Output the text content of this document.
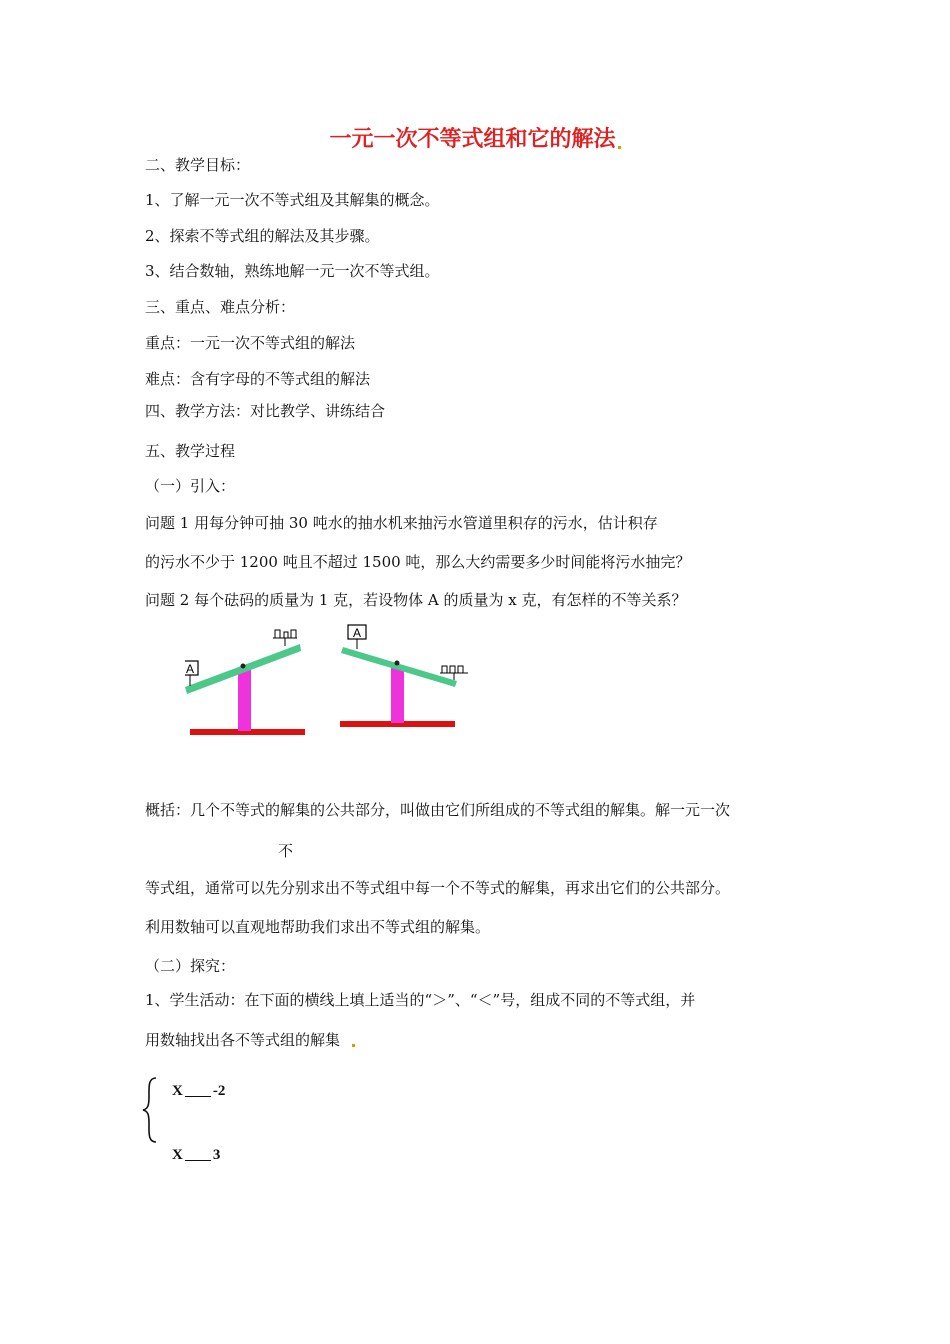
一元一次不等式组和它的解法
二、教学目标：
1、了解一元一次不等式组及其解集的概念。
2、探索不等式组的解法及其步骤。
3、结合数轴，熟练地解一元一次不等式组。
三、重点、难点分析：
重点：一元一次不等式组的解法
难点：含有字母的不等式组的解法
四、教学方法：对比教学、讲练结合
五、教学过程
（一）引入：
问题 1 用每分钟可抽 30 吨水的抽水机来抽污水管道里积存的污水，估计积存
的污水不少于 1200 吨且不超过 1500 吨，那么大约需要多少时间能将污水抽完？
问题 2 每个砝码的质量为 1 克，若设物体 A 的质量为 x 克，有怎样的不等关系？
A
A
概括：几个不等式的解集的公共部分，叫做由它们所组成的不等式组的解集。解一元一次
不
等式组，通常可以先分别求出不等式组中每一个不等式的解集，再求出它们的公共部分。
利用数轴可以直观地帮助我们求出不等式组的解集。
（二）探究：
1、学生活动：在下面的横线上填上适当的“＞”、“＜”号，组成不同的不等式组，并
用数轴找出各不等式组的解集
X -2
X 3
